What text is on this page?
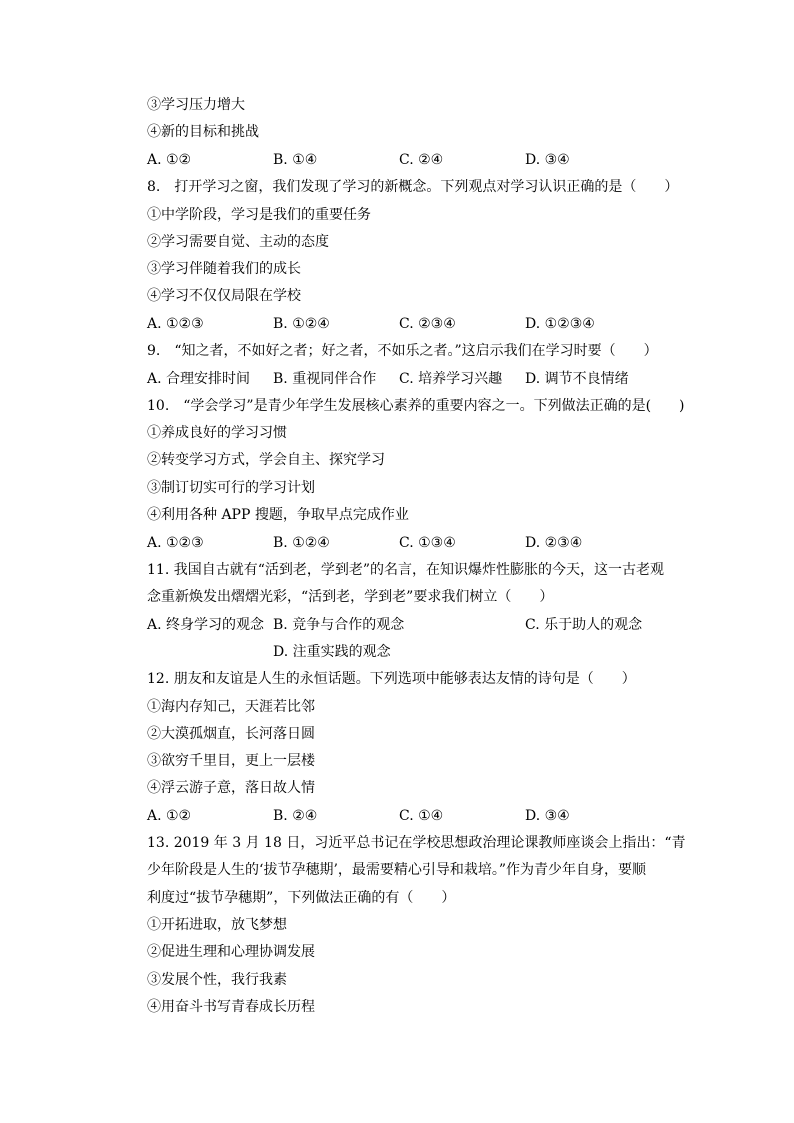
③学习压力增大
④新的目标和挑战
A. ①②	B. ①④	C. ②④	D. ③④
8.　打开学习之窗，我们发现了学习的新概念。下列观点对学习认识正确的是（　　）
①中学阶段，学习是我们的重要任务
②学习需要自觉、主动的态度
③学习伴随着我们的成长
④学习不仅仅局限在学校
A. ①②③	B. ①②④	C. ②③④	D. ①②③④
9.　“知之者，不如好之者；好之者，不如乐之者。”这启示我们在学习时要（　　）
A. 合理安排时间 B. 重视同伴合作 C. 培养学习兴趣 D. 调节不良情绪
10.　“学会学习”是青少年学生发展核心素养的重要内容之一。下列做法正确的是(　　)
①养成良好的学习习惯
②转变学习方式，学会自主、探究学习
③制订切实可行的学习计划
④利用各种 APP 搜题，争取早点完成作业
A. ①②③	B. ①②④	C. ①③④	D. ②③④
11. 我国自古就有“活到老，学到老”的名言，在知识爆炸性膨胀的今天，这一古老观
念重新焕发出熠熠光彩，“活到老，学到老”要求我们树立（　　）
A. 终身学习的观念 B. 竞争与合作的观念	C. 乐于助人的观念
D. 注重实践的观念
12. 朋友和友谊是人生的永恒话题。下列选项中能够表达友情的诗句是（　　）
①海内存知己，天涯若比邻
②大漠孤烟直，长河落日圆
③欲穷千里目，更上一层楼
④浮云游子意，落日故人情
A. ①②	B. ②④	C. ①④	D. ③④
13. 2019 年 3 月 18 日，习近平总书记在学校思想政治理论课教师座谈会上指出：“青
少年阶段是人生的‘拔节孕穗期’，最需要精心引导和栽培。”作为青少年自身，要顺
利度过“拔节孕穗期”，下列做法正确的有（　　）
①开拓进取，放飞梦想
②促进生理和心理协调发展
③发展个性，我行我素
④用奋斗书写青春成长历程
